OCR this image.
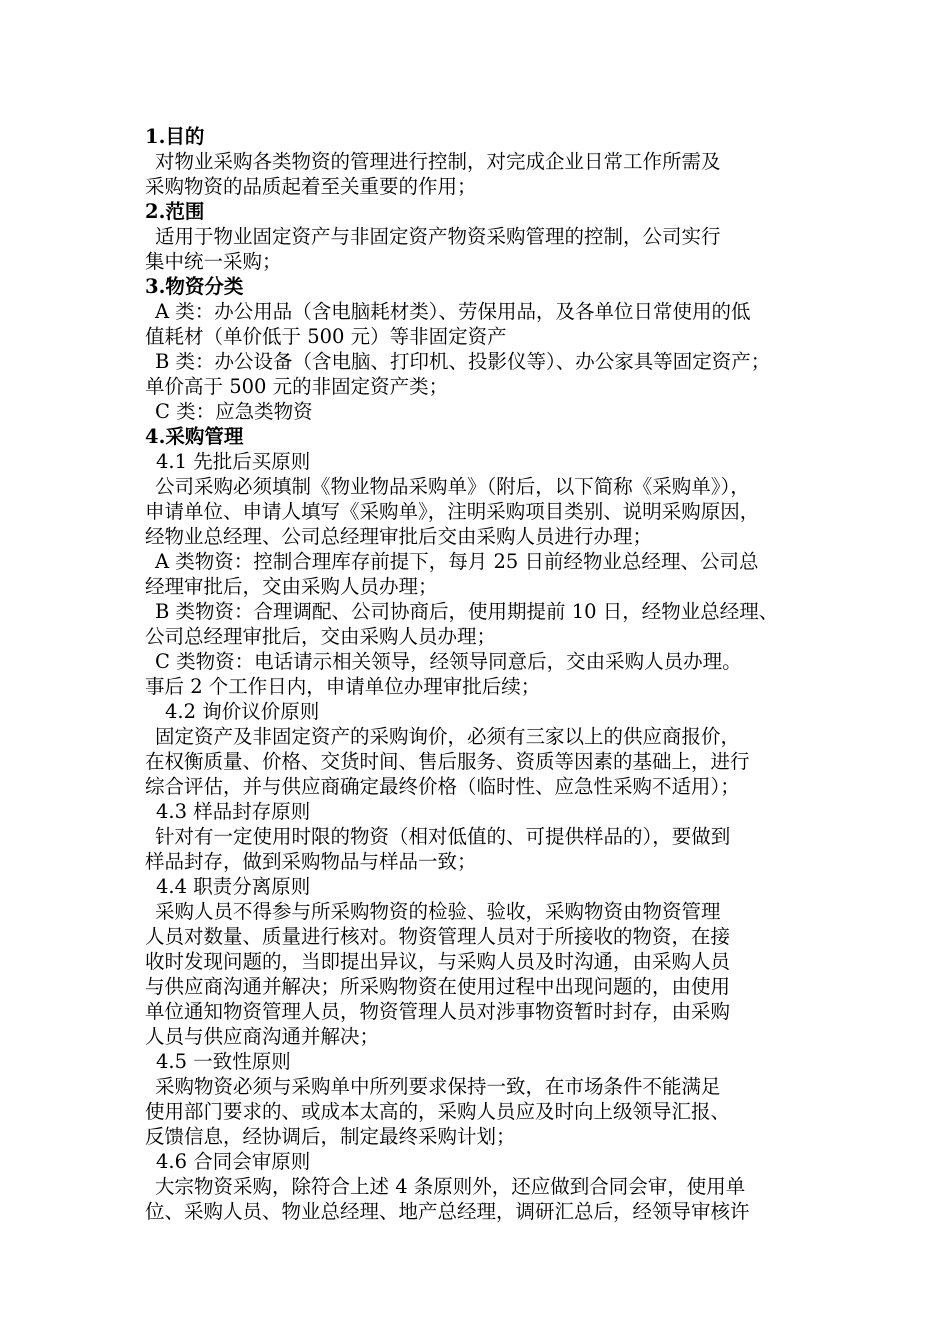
1.目的
对物业采购各类物资的管理进行控制，对完成企业日常工作所需及
采购物资的品质起着至关重要的作用；
2.范围
适用于物业固定资产与非固定资产物资采购管理的控制，公司实行
集中统一采购；
3.物资分类
A 类：办公用品（含电脑耗材类）、劳保用品，及各单位日常使用的低
值耗材（单价低于 500 元）等非固定资产
B 类：办公设备（含电脑、打印机、投影仪等）、办公家具等固定资产；
单价高于 500 元的非固定资产类；
C 类：应急类物资
4.采购管理
4.1 先批后买原则
公司采购必须填制《物业物品采购单》（附后，以下简称《采购单》），
申请单位、申请人填写《采购单》，注明采购项目类别、说明采购原因，
经物业总经理、公司总经理审批后交由采购人员进行办理；
A 类物资：控制合理库存前提下，每月 25 日前经物业总经理、公司总
经理审批后，交由采购人员办理；
B 类物资：合理调配、公司协商后，使用期提前 10 日，经物业总经理、
公司总经理审批后，交由采购人员办理；
C 类物资：电话请示相关领导，经领导同意后，交由采购人员办理。
事后 2 个工作日内，申请单位办理审批后续；
4.2 询价议价原则
固定资产及非固定资产的采购询价，必须有三家以上的供应商报价，
在权衡质量、价格、交货时间、售后服务、资质等因素的基础上，进行
综合评估，并与供应商确定最终价格（临时性、应急性采购不适用）；
4.3 样品封存原则
针对有一定使用时限的物资（相对低值的、可提供样品的），要做到
样品封存，做到采购物品与样品一致；
4.4 职责分离原则
采购人员不得参与所采购物资的检验、验收，采购物资由物资管理
人员对数量、质量进行核对。物资管理人员对于所接收的物资，在接
收时发现问题的，当即提出异议，与采购人员及时沟通，由采购人员
与供应商沟通并解决；所采购物资在使用过程中出现问题的，由使用
单位通知物资管理人员，物资管理人员对涉事物资暂时封存，由采购
人员与供应商沟通并解决；
4.5 一致性原则
采购物资必须与采购单中所列要求保持一致，在市场条件不能满足
使用部门要求的、或成本太高的，采购人员应及时向上级领导汇报、
反馈信息，经协调后，制定最终采购计划；
4.6 合同会审原则
大宗物资采购，除符合上述 4 条原则外，还应做到合同会审，使用单
位、采购人员、物业总经理、地产总经理，调研汇总后，经领导审核许
